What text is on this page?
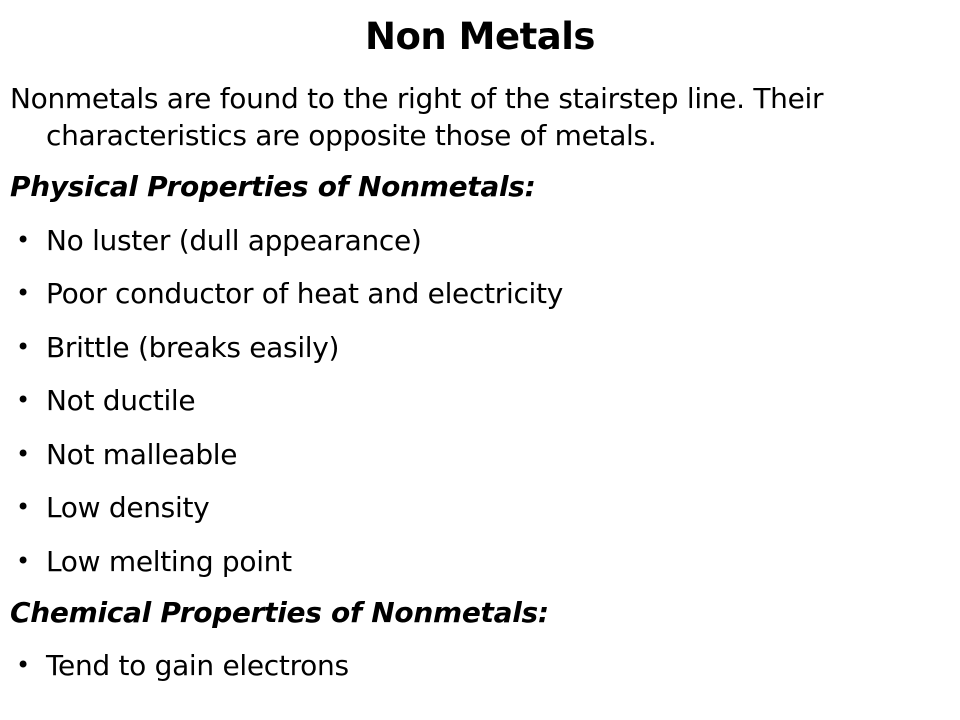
Non Metals

Nonmetals are found to the right of the stairstep line. Their characteristics are opposite those of metals.

Physical Properties of Nonmetals:

• No luster (dull appearance)
• Poor conductor of heat and electricity
• Brittle (breaks easily)
• Not ductile
• Not malleable
• Low density
• Low melting point

Chemical Properties of Nonmetals:

• Tend to gain electrons
